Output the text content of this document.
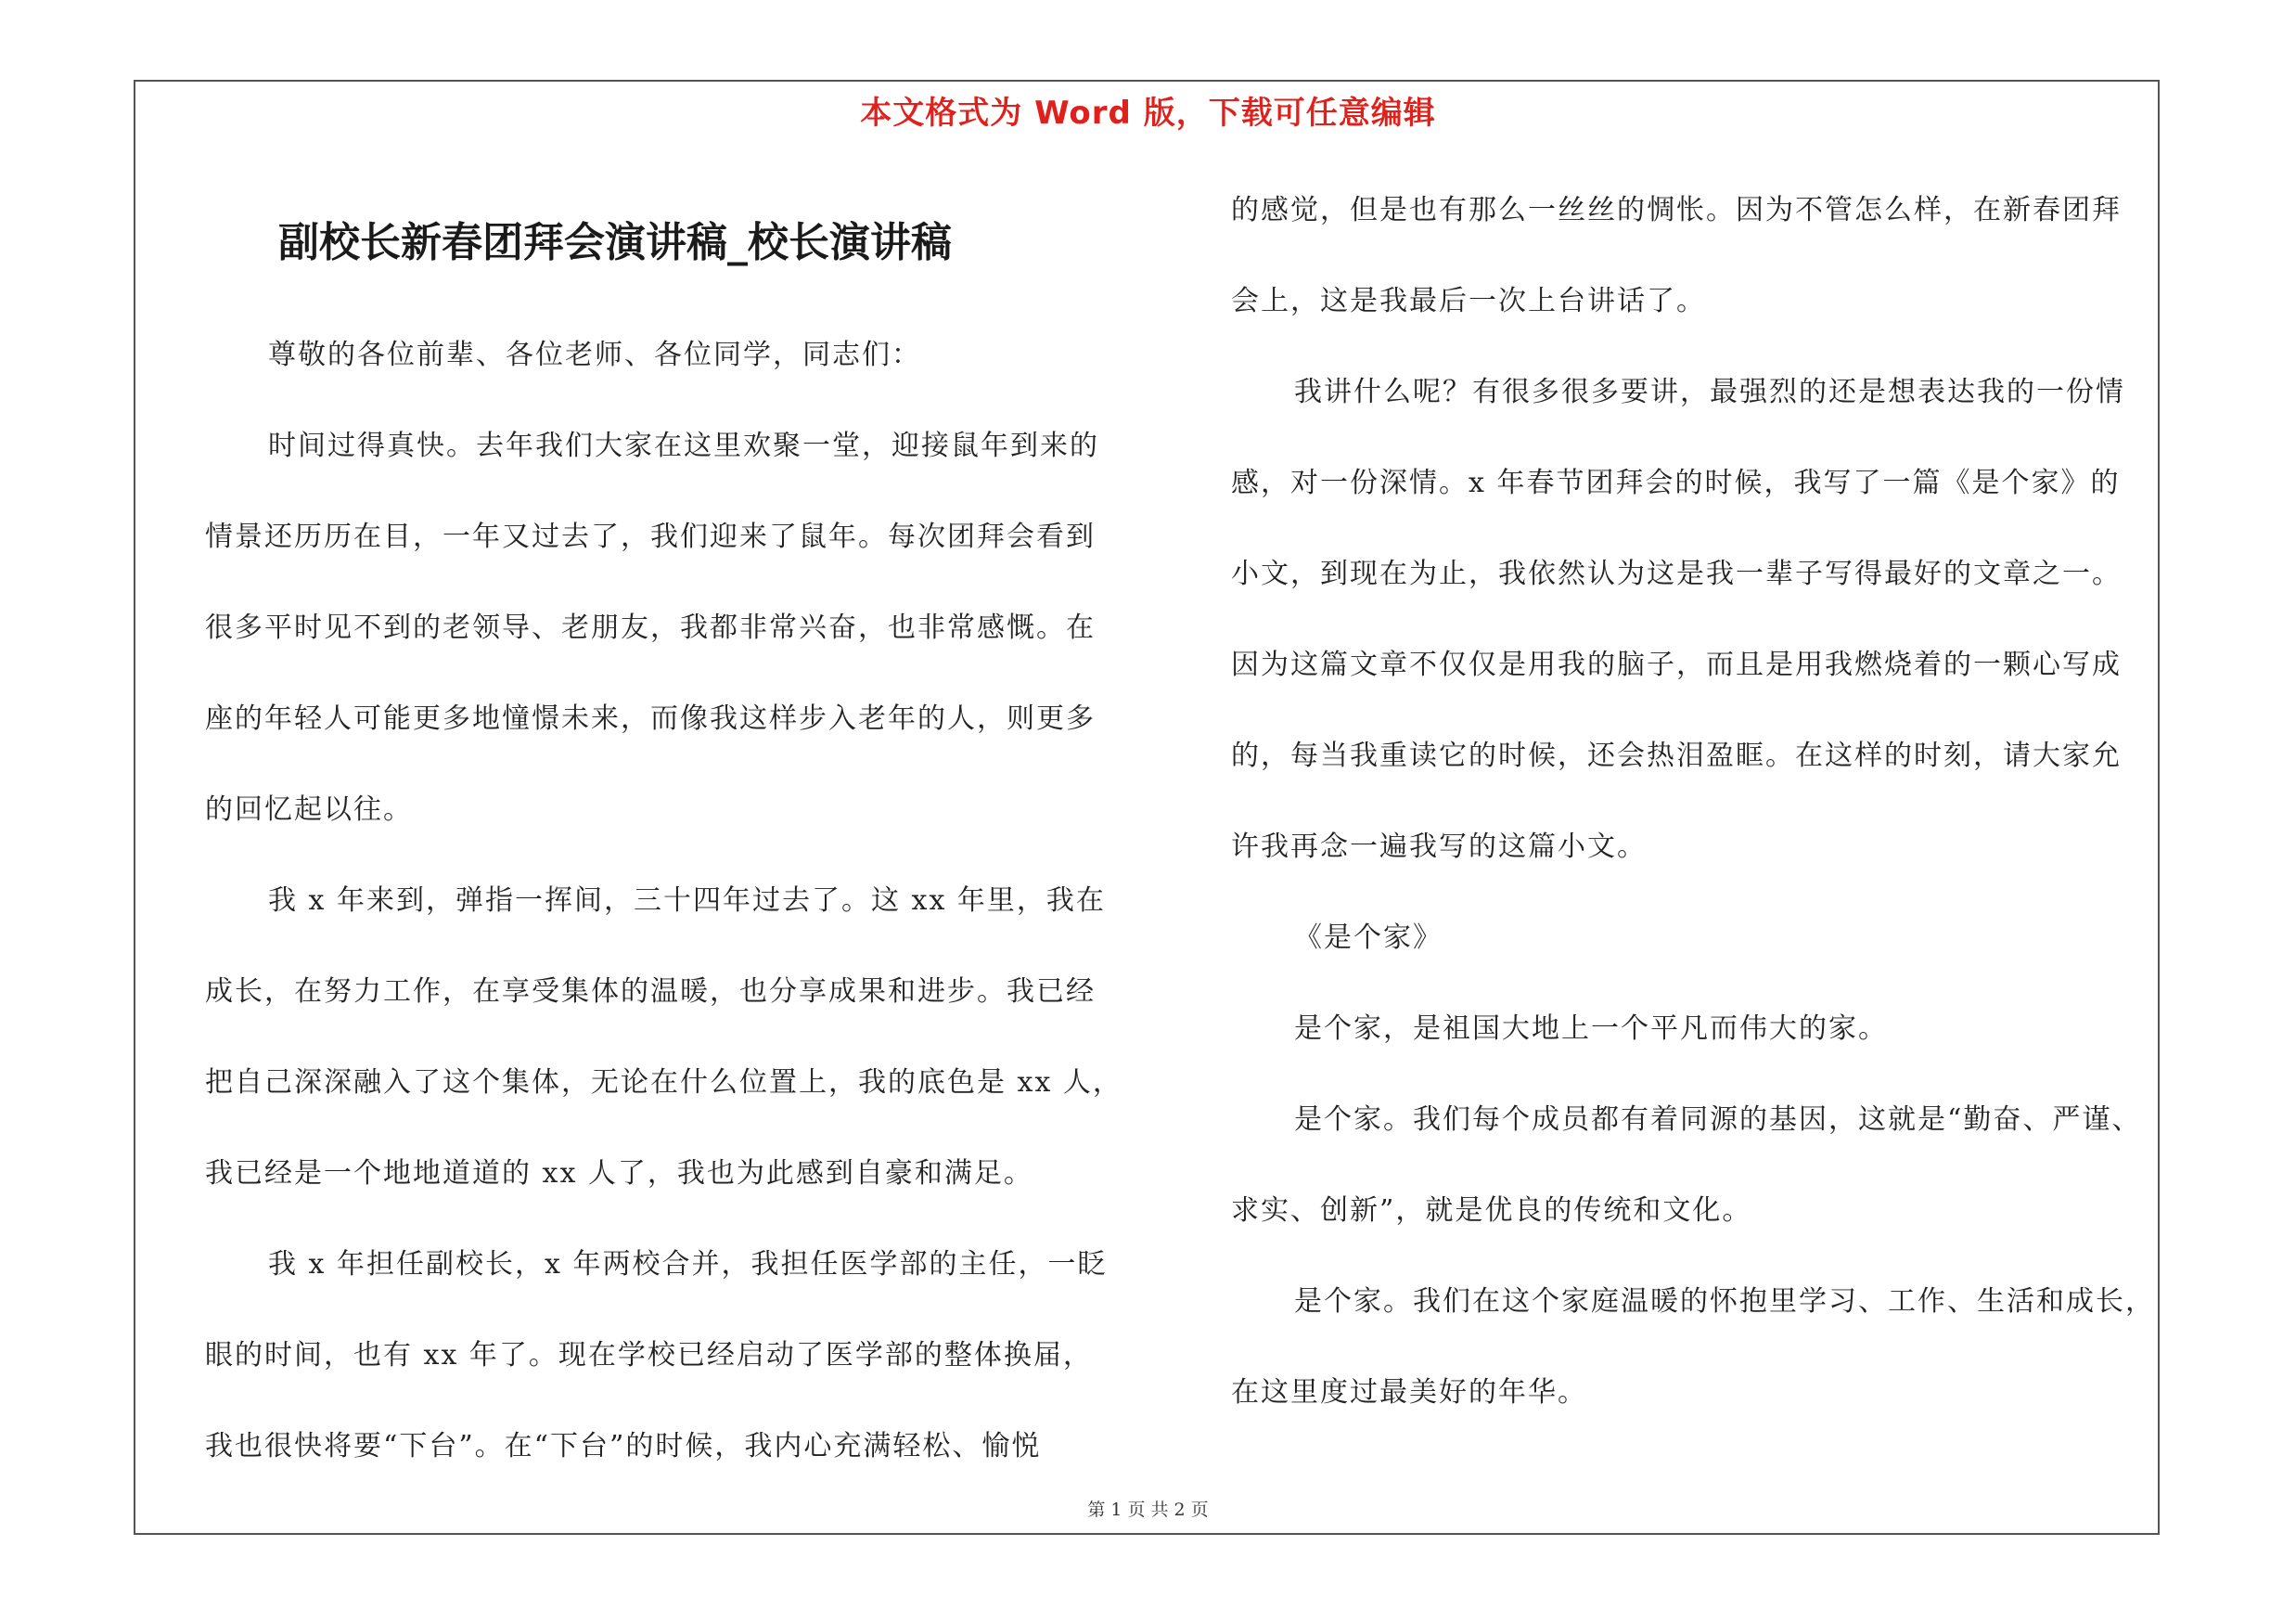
本文格式为 Word 版，下载可任意编辑
副校长新春团拜会演讲稿_校长演讲稿
尊敬的各位前辈、各位老师、各位同学，同志们：
时间过得真快。去年我们大家在这里欢聚一堂，迎接鼠年到来的
情景还历历在目，一年又过去了，我们迎来了鼠年。每次团拜会看到
很多平时见不到的老领导、老朋友，我都非常兴奋，也非常感慨。在
座的年轻人可能更多地憧憬未来，而像我这样步入老年的人，则更多
的回忆起以往。
我 x 年来到，弹指一挥间，三十四年过去了。这 xx 年里，我在
成长，在努力工作，在享受集体的温暖，也分享成果和进步。我已经
把自己深深融入了这个集体，无论在什么位置上，我的底色是 xx 人，
我已经是一个地地道道的 xx 人了，我也为此感到自豪和满足。
我 x 年担任副校长，x 年两校合并，我担任医学部的主任，一眨
眼的时间，也有 xx 年了。现在学校已经启动了医学部的整体换届，
我也很快将要“下台”。在“下台”的时候，我内心充满轻松、愉悦
的感觉，但是也有那么一丝丝的惆怅。因为不管怎么样，在新春团拜
会上，这是我最后一次上台讲话了。
我讲什么呢？有很多很多要讲，最强烈的还是想表达我的一份情
感，对一份深情。x 年春节团拜会的时候，我写了一篇《是个家》的
小文，到现在为止，我依然认为这是我一辈子写得最好的文章之一。
因为这篇文章不仅仅是用我的脑子，而且是用我燃烧着的一颗心写成
的，每当我重读它的时候，还会热泪盈眶。在这样的时刻，请大家允
许我再念一遍我写的这篇小文。
《是个家》
是个家，是祖国大地上一个平凡而伟大的家。
是个家。我们每个成员都有着同源的基因，这就是“勤奋、严谨、
求实、创新”，就是优良的传统和文化。
是个家。我们在这个家庭温暖的怀抱里学习、工作、生活和成长，
在这里度过最美好的年华。
第 1 页 共 2 页
